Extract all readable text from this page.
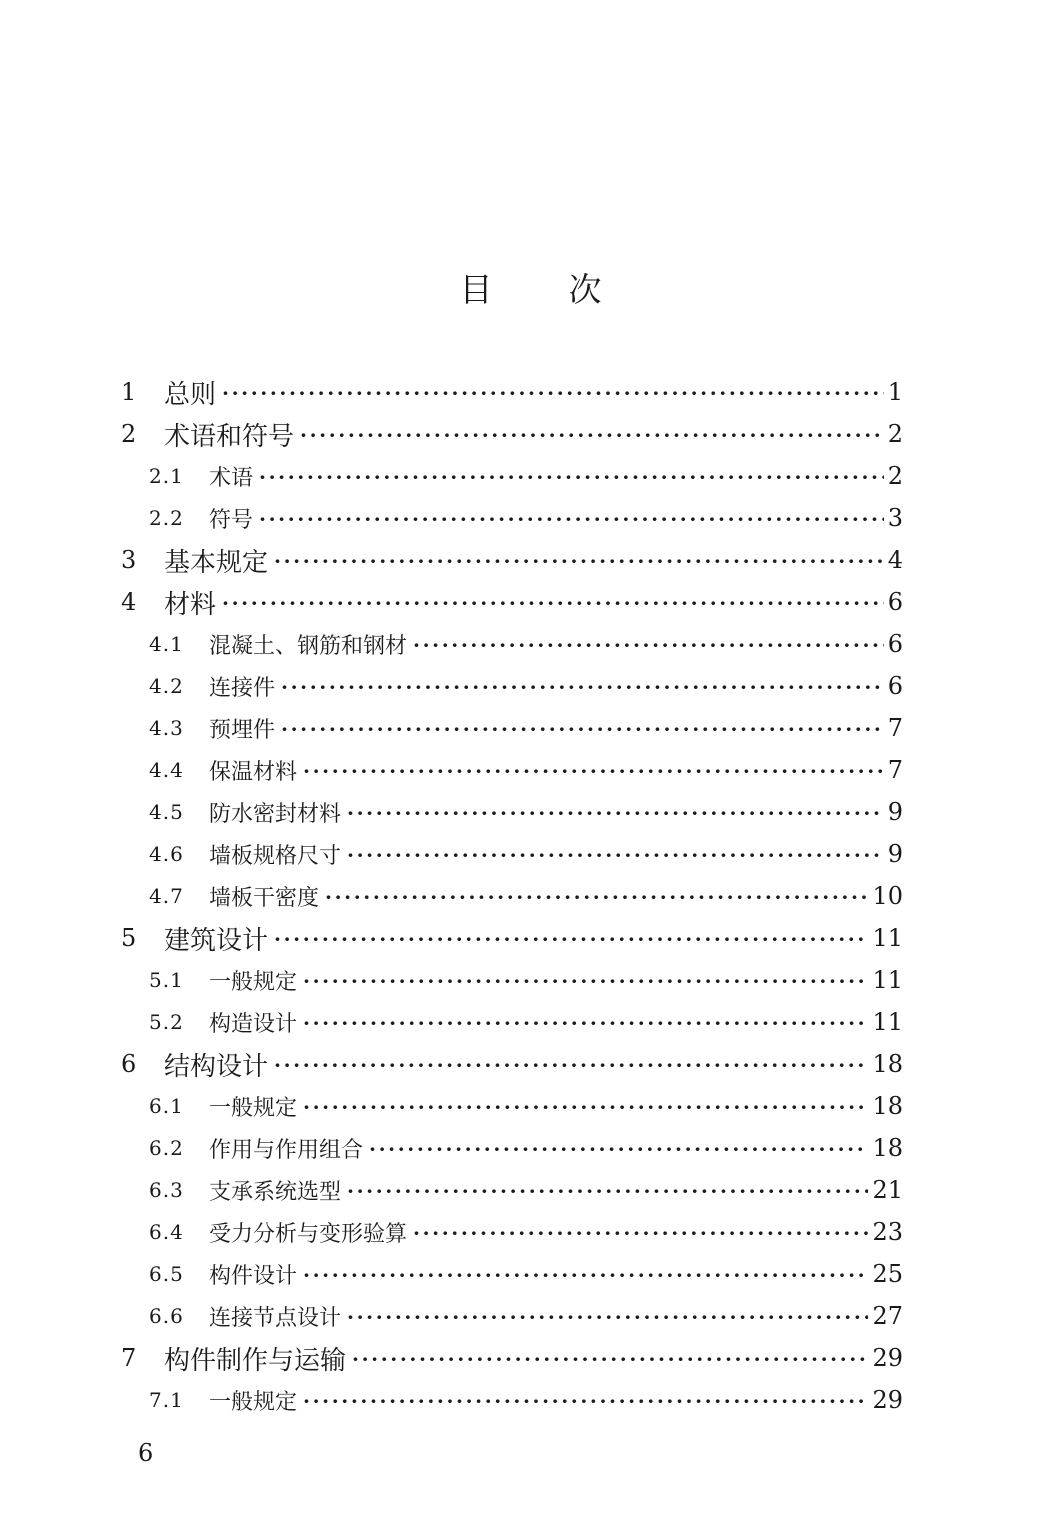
目 次
1	总则 ·····	1
2	术语和符号 ·····	2
2.1	术语 ·····	2
2.2	符号 ·····	3
3	基本规定 ·····	4
4	材料 ·····	6
4.1	混凝土、钢筋和钢材 ·····	6
4.2	连接件 ·····	6
4.3	预埋件 ·····	7
4.4	保温材料 ·····	7
4.5	防水密封材料 ·····	9
4.6	墙板规格尺寸 ·····	9
4.7	墙板干密度 ·····	10
5	建筑设计 ·····	11
5.1	一般规定 ·····	11
5.2	构造设计 ·····	11
6	结构设计 ·····	18
6.1	一般规定 ·····	18
6.2	作用与作用组合 ·····	18
6.3	支承系统选型 ·····	21
6.4	受力分析与变形验算 ·····	23
6.5	构件设计 ·····	25
6.6	连接节点设计 ·····	27
7	构件制作与运输 ·····	29
7.1	一般规定 ·····	29
6
